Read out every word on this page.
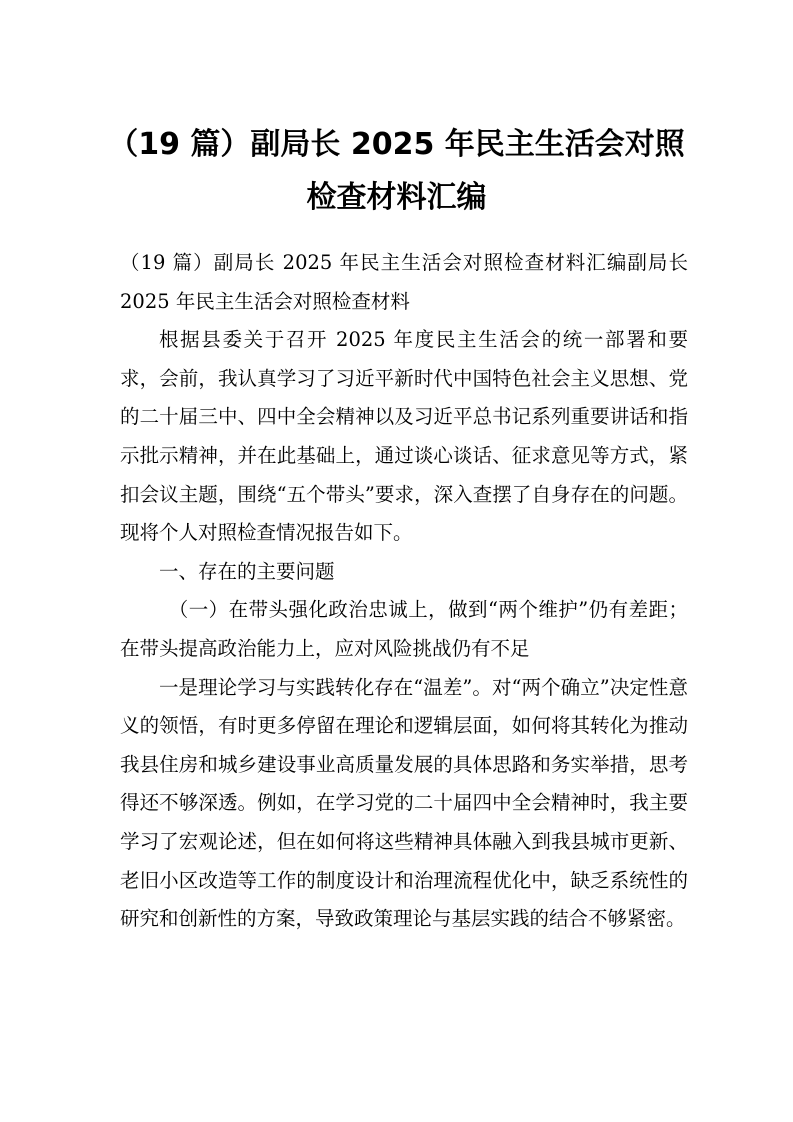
（19 篇）副局长 2025 年民主生活会对照检查材料汇编

（19 篇）副局长 2025 年民主生活会对照检查材料汇编副局长 2025 年民主生活会对照检查材料

根据县委关于召开 2025 年度民主生活会的统一部署和要求，会前，我认真学习了习近平新时代中国特色社会主义思想、党的二十届三中、四中全会精神以及习近平总书记系列重要讲话和指示批示精神，并在此基础上，通过谈心谈话、征求意见等方式，紧扣会议主题，围绕“五个带头”要求，深入查摆了自身存在的问题。现将个人对照检查情况报告如下。

一、存在的主要问题

（一）在带头强化政治忠诚上，做到“两个维护”仍有差距；在带头提高政治能力上，应对风险挑战仍有不足

一是理论学习与实践转化存在“温差”。对“两个确立”决定性意义的领悟，有时更多停留在理论和逻辑层面，如何将其转化为推动我县住房和城乡建设事业高质量发展的具体思路和务实举措，思考得还不够深透。例如，在学习党的二十届四中全会精神时，我主要学习了宏观论述，但在如何将这些精神具体融入到我县城市更新、老旧小区改造等工作的制度设计和治理流程优化中，缺乏系统性的研究和创新性的方案，导致政策理论与基层实践的结合不够紧密。
